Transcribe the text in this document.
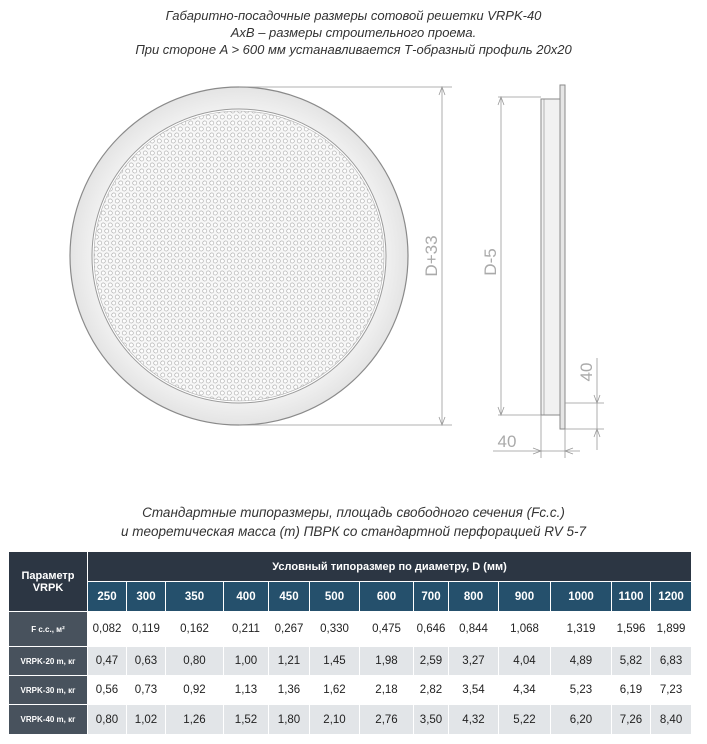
Габаритно-посадочные размеры сотовой решетки VRPK-40
AxB – размеры строительного проема.
При стороне A > 600 мм устанавливается Т-образный профиль 20x20
D+33 D-5
40
40
Стандартные типоразмеры, площадь свободного сечения (Fc.c.)
и теоретическая масса (m) ПВРК со стандартной перфорацией RV 5-7
Параметр
VRPK	Условный типоразмер по диаметру, D (мм)												
	250	300	350	400	450	500	600	700	800	900	1000	1100	1200
F c.c., м²	0,082	0,119	0,162	0,211	0,267	0,330	0,475	0,646	0,844	1,068	1,319	1,596	1,899
VRPK-20 m, кг	0,47	0,63	0,80	1,00	1,21	1,45	1,98	2,59	3,27	4,04	4,89	5,82	6,83
VRPK-30 m, кг	0,56	0,73	0,92	1,13	1,36	1,62	2,18	2,82	3,54	4,34	5,23	6,19	7,23
VRPK-40 m, кг	0,80	1,02	1,26	1,52	1,80	2,10	2,76	3,50	4,32	5,22	6,20	7,26	8,40
